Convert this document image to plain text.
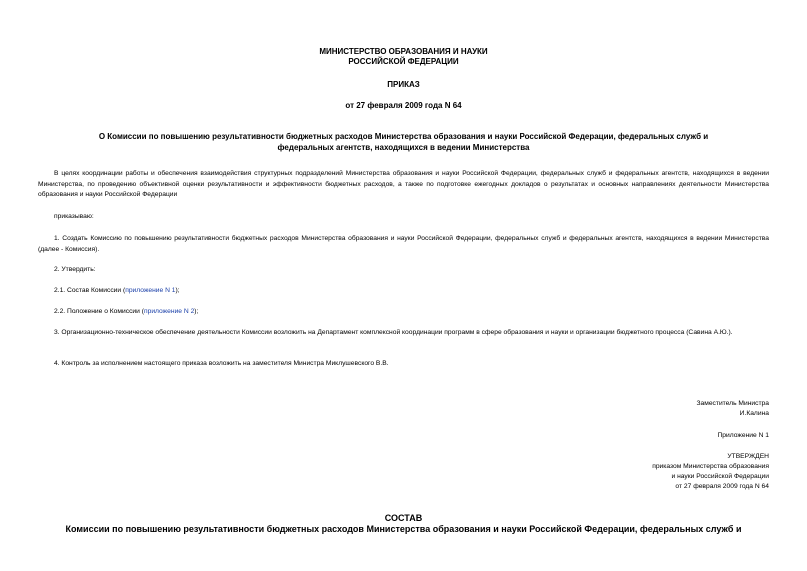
МИНИСТЕРСТВО ОБРАЗОВАНИЯ И НАУКИ
РОССИЙСКОЙ ФЕДЕРАЦИИ
ПРИКАЗ
от 27 февраля 2009 года N 64
О Комиссии по повышению результативности бюджетных расходов Министерства образования и науки Российской Федерации, федеральных служб и
федеральных агентств, находящихся в ведении Министерства
В целях координации работы и обеспечения взаимодействия структурных подразделений Министерства образования и науки Российской Федерации, федеральных служб и федеральных агентств, находящихся в ведении Министерства, по проведению объективной оценки результативности и эффективности бюджетных расходов, а также по подготовке ежегодных докладов о результатах и основных направлениях деятельности Министерства образования и науки Российской Федерации
приказываю:
1. Создать Комиссию по повышению результативности бюджетных расходов Министерства образования и науки Российской Федерации, федеральных служб и федеральных агентств, находящихся в ведении Министерства (далее - Комиссия).
2. Утвердить:
2.1. Состав Комиссии (приложение N 1);
2.2. Положение о Комиссии (приложение N 2);
3. Организационно-техническое обеспечение деятельности Комиссии возложить на Департамент комплексной координации программ в сфере образования и науки и организации бюджетного процесса (Савина А.Ю.).
4. Контроль за исполнением настоящего приказа возложить на заместителя Министра Миклушевского В.В.
Заместитель Министра
И.Калина
Приложение N 1
УТВЕРЖДЕН
приказом Министерства образования
и науки Российской Федерации
от 27 февраля 2009 года N 64
СОСТАВ
Комиссии по повышению результативности бюджетных расходов Министерства образования и науки Российской Федерации, федеральных служб и
